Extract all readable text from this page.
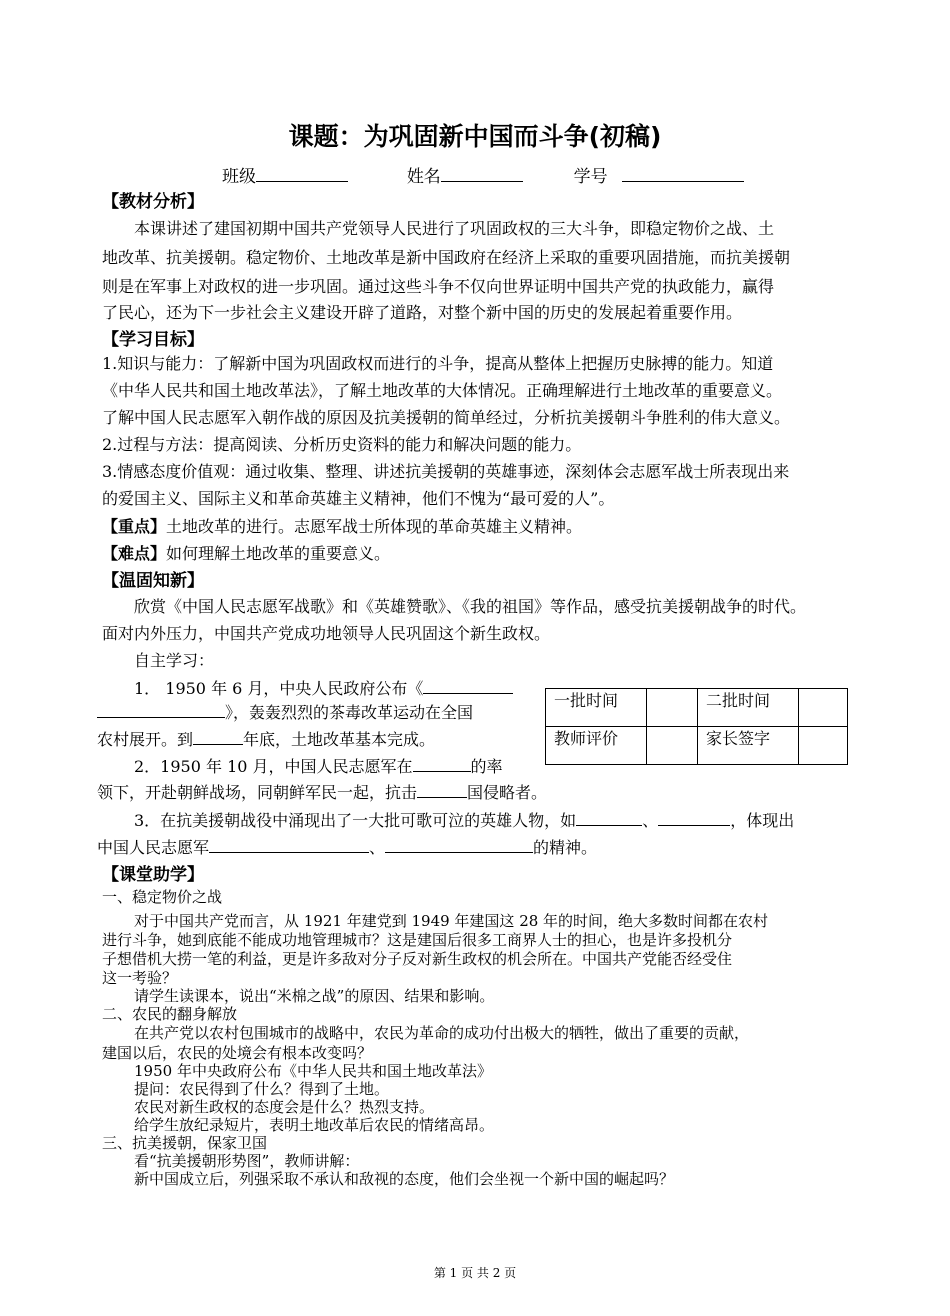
课题：为巩固新中国而斗争(初稿)
班级	姓名	学号
【教材分析】
本课讲述了建国初期中国共产党领导人民进行了巩固政权的三大斗争，即稳定物价之战、土
地改革、抗美援朝。稳定物价、土地改革是新中国政府在经济上采取的重要巩固措施，而抗美援朝
则是在军事上对政权的进一步巩固。通过这些斗争不仅向世界证明中国共产党的执政能力，赢得
了民心，还为下一步社会主义建设开辟了道路，对整个新中国的历史的发展起着重要作用。
【学习目标】
1.知识与能力：了解新中国为巩固政权而进行的斗争，提高从整体上把握历史脉搏的能力。知道
《中华人民共和国土地改革法》，了解土地改革的大体情况。正确理解进行土地改革的重要意义。
了解中国人民志愿军入朝作战的原因及抗美援朝的简单经过，分析抗美援朝斗争胜利的伟大意义。
2.过程与方法：提高阅读、分析历史资料的能力和解决问题的能力。
3.情感态度价值观：通过收集、整理、讲述抗美援朝的英雄事迹，深刻体会志愿军战士所表现出来
的爱国主义、国际主义和革命英雄主义精神，他们不愧为“最可爱的人”。
【重点】土地改革的进行。志愿军战士所体现的革命英雄主义精神。
【难点】如何理解土地改革的重要意义。
【温固知新】
欣赏《中国人民志愿军战歌》和《英雄赞歌》、《我的祖国》等作品，感受抗美援朝战争的时代。
面对内外压力，中国共产党成功地领导人民巩固这个新生政权。
自主学习：
1． 1950 年 6 月，中央人民政府公布《
》，轰轰烈烈的茶毒改革运动在全国
农村展开。到	年底，土地改革基本完成。
2．1950 年 10 月，中国人民志愿军在	的率
领下，开赴朝鲜战场，同朝鲜军民一起，抗击	国侵略者。
3．在抗美援朝战役中涌现出了一大批可歌可泣的英雄人物，如	、	，体现出
中国人民志愿军	、	的精神。
一批时间		二批时间	
教师评价		家长签字	
【课堂助学】
一、稳定物价之战
对于中国共产党而言，从 1921 年建党到 1949 年建国这 28 年的时间，绝大多数时间都在农村
进行斗争，她到底能不能成功地管理城市？这是建国后很多工商界人士的担心，也是许多投机分
子想借机大捞一笔的利益，更是许多敌对分子反对新生政权的机会所在。中国共产党能否经受住
这一考验？
请学生读课本，说出“米棉之战”的原因、结果和影响。
二、农民的翻身解放
在共产党以农村包围城市的战略中，农民为革命的成功付出极大的牺牲，做出了重要的贡献，
建国以后，农民的处境会有根本改变吗？
1950 年中央政府公布《中华人民共和国土地改革法》
提问：农民得到了什么？得到了土地。
农民对新生政权的态度会是什么？热烈支持。
给学生放纪录短片，表明土地改革后农民的情绪高昂。
三、抗美援朝，保家卫国
看“抗美援朝形势图”，教师讲解：
新中国成立后，列强采取不承认和敌视的态度，他们会坐视一个新中国的崛起吗？
第 1 页 共 2 页
